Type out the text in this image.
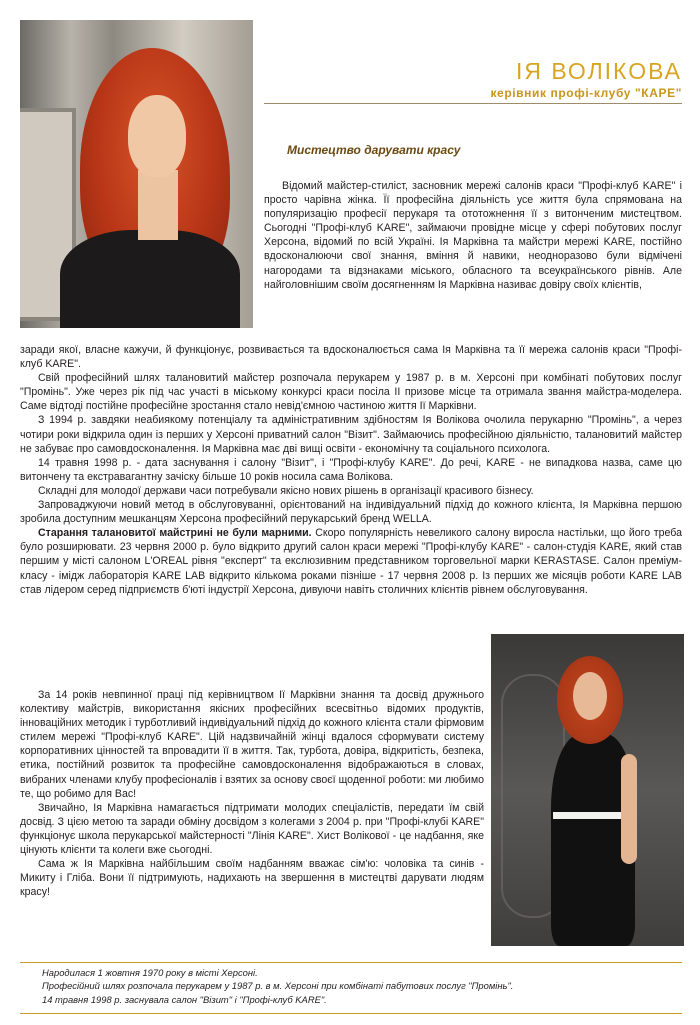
ІЯ ВОЛІКОВА
керівник профі-клубу "КАРЕ"
Мистецтво дарувати красу

Відомий майстер-стиліст, засновник мережі салонів краси "Профі-клуб KARE" і просто чарівна жінка. Її професійна діяльність усе життя була спрямована на популяризацію професії перукаря та ототожнення її з витонченим мистецтвом. Сьогодні "Профі-клуб KARE", займаючи провідне місце у сфері побутових послуг Херсона, відомий по всій Україні. Ія Марківна та майстри мережі KARE, постійно вдосконалюючи свої знання, вміння й навики, неодноразово були відмічені нагородами та відзнаками міського, обласного та всеукраїнського рівнів. Але найголовнішим своїм досягненням Ія Марківна називає довіру своїх клієнтів,

заради якої, власне кажучи, й функціонує, розвивається та вдосконалюється сама Ія Марківна та її мережа салонів краси "Профі-клуб KARE".

Свій професійний шлях талановитий майстер розпочала перукарем у 1987 р. в м. Херсоні при комбінаті побутових послуг "Промінь". Уже через рік під час участі в міському конкурсі краси посіла ІІ призове місце та отримала звання майстра-моделера. Саме відтоді постійне професійне зростання стало невід'ємною частиною життя Ії Марківни.

З 1994 р. завдяки неабиякому потенціалу та адміністративним здібностям Ія Волікова очолила перукарню "Промінь", а через чотири роки відкрила один із перших у Херсоні приватний салон "Візит". Займаючись професійною діяльністю, талановитий майстер не забуває про самовдосконалення. Ія Марківна має дві вищі освіти - економічну та соціального психолога.

14 травня 1998 р. - дата заснування і салону "Візит", і "Профі-клубу KARE". До речі, KARE - не випадкова назва, саме цю витончену та екстравагантну зачіску більше 10 років носила сама Волікова.

Складні для молодої держави часи потребували якісно нових рішень в організації красивого бізнесу.

Запроваджуючи новий метод в обслуговуванні, орієнтований на індивідуальний підхід до кожного клієнта, Ія Марківна першою зробила доступним мешканцям Херсона професійний перукарський бренд WELLA.

Старання талановитої майстрині не були марними. Скоро популярність невеликого салону виросла настільки, що його треба було розширювати. 23 червня 2000 р. було відкрито другий салон краси мережі "Профі-клубу KARE" - салон-студія KARE, який став першим у місті салоном L'OREAL рівня "експерт" та екслюзивним представником торговельної марки KERASTASE. Салон преміум-класу - імідж лабораторія KARE LAB відкрито кількома роками пізніше - 17 червня 2008 р. Із перших же місяців роботи KARE LAB став лідером серед підприємств б'юті індустрії Херсона, дивуючи навіть столичних клієнтів рівнем обслуговування.

За 14 років невпинної праці під керівництвом Ії Марківни знання та досвід дружнього колективу майстрів, використання якісних професійних всесвітньо відомих продуктів, інноваційних методик і турботливий індивідуальний підхід до кожного клієнта стали фірмовим стилем мережі "Профі-клуб KARE". Цій надзвичайній жінці вдалося сформувати систему корпоративних цінностей та впровадити її в життя. Так, турбота, довіра, відкритість, безпека, етика, постійний розвиток та професійне самовдосконалення відображаються в словах, вибраних членами клубу професіоналів і взятих за основу своєї щоденної роботи: ми любимо те, що робимо для Вас!

Звичайно, Ія Марківна намагається підтримати молодих спеціалістів, передати їм свій досвід. З цією метою та заради обміну досвідом з колегами з 2004 р. при "Профі-клубі KARE" функціонує школа перукарської майстерності "Лінія KARE". Хист Волікової - це надбання, яке цінують клієнти та колеги вже сьогодні.

Сама ж Ія Марківна найбільшим своїм надбанням вважає сім'ю: чоловіка та синів - Микиту і Гліба. Вони її підтримують, надихають на звершення в мистецтві дарувати людям красу!

Народилася 1 жовтня 1970 року в місті Херсоні.
Професійний шлях розпочала перукарем у 1987 р. в м. Херсоні при комбінаті пабутових послуг "Промінь".
14 травня 1998 р. заснувала салон "Візит" і "Профі-клуб KARE".
